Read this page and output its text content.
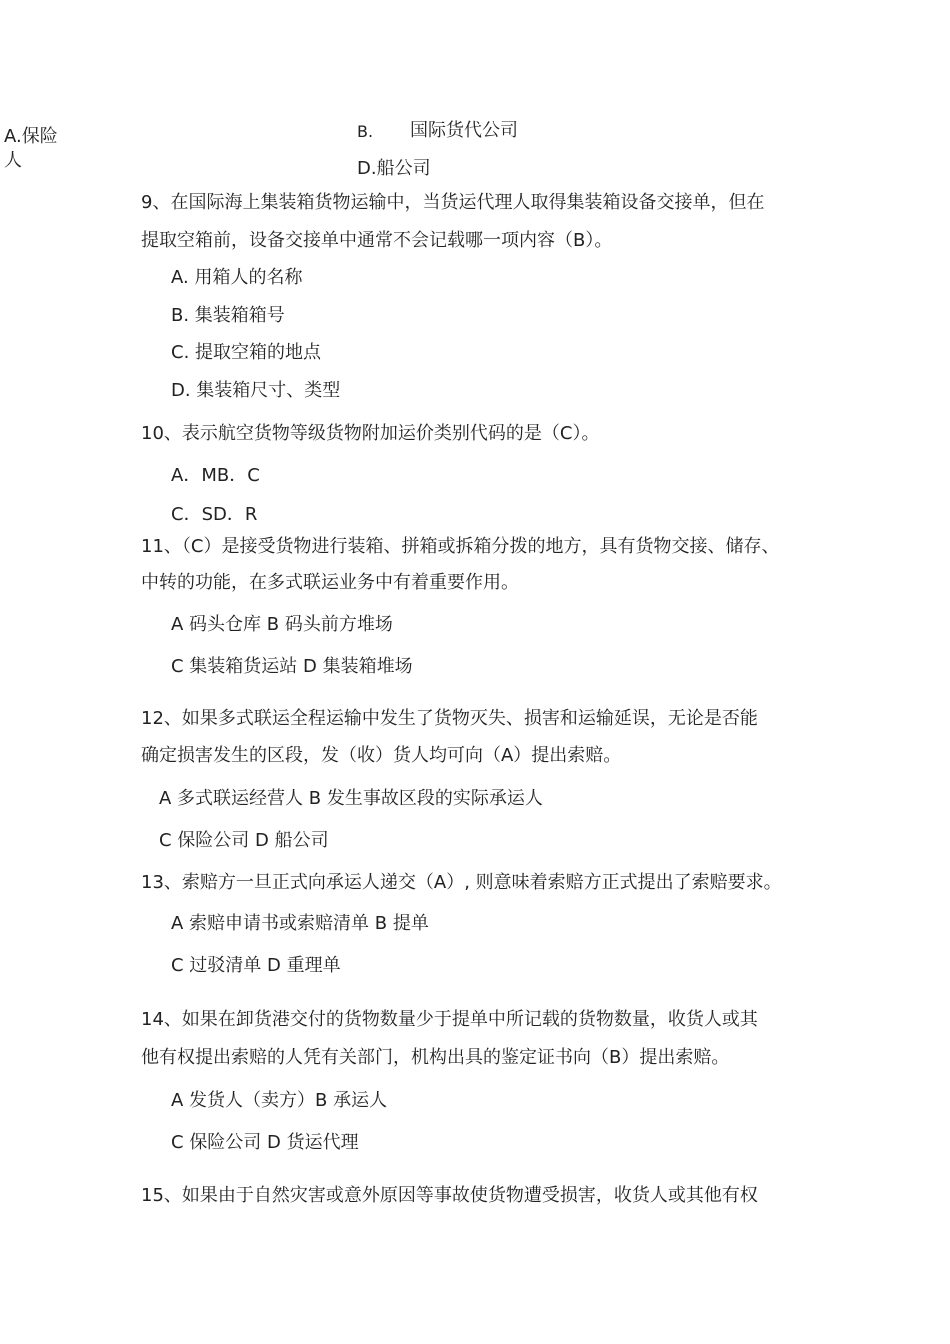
A.保险
人
B. 国际货代公司
D.船公司
9、在国际海上集装箱货物运输中，当货运代理人取得集装箱设备交接单，但在
提取空箱前，设备交接单中通常不会记载哪一项内容（B）。
A. 用箱人的名称
B. 集装箱箱号
C. 提取空箱的地点
D. 集装箱尺寸、类型
10、表示航空货物等级货物附加运价类别代码的是（C）。
A．MB．C
C．SD．R
11、（C）是接受货物进行装箱、拼箱或拆箱分拨的地方，具有货物交接、储存、
中转的功能，在多式联运业务中有着重要作用。
A 码头仓库 B 码头前方堆场
C 集装箱货运站 D 集装箱堆场
12、如果多式联运全程运输中发生了货物灭失、损害和运输延误，无论是否能
确定损害发生的区段，发（收）货人均可向（A）提出索赔。
A 多式联运经营人 B 发生事故区段的实际承运人
C 保险公司 D 船公司
13、索赔方一旦正式向承运人递交（A）, 则意味着索赔方正式提出了索赔要求。
A 索赔申请书或索赔清单 B 提单
C 过驳清单 D 重理单
14、如果在卸货港交付的货物数量少于提单中所记载的货物数量，收货人或其
他有权提出索赔的人凭有关部门，机构出具的鉴定证书向（B）提出索赔。
A 发货人（卖方）B 承运人
C 保险公司 D 货运代理
15、如果由于自然灾害或意外原因等事故使货物遭受损害，收货人或其他有权
